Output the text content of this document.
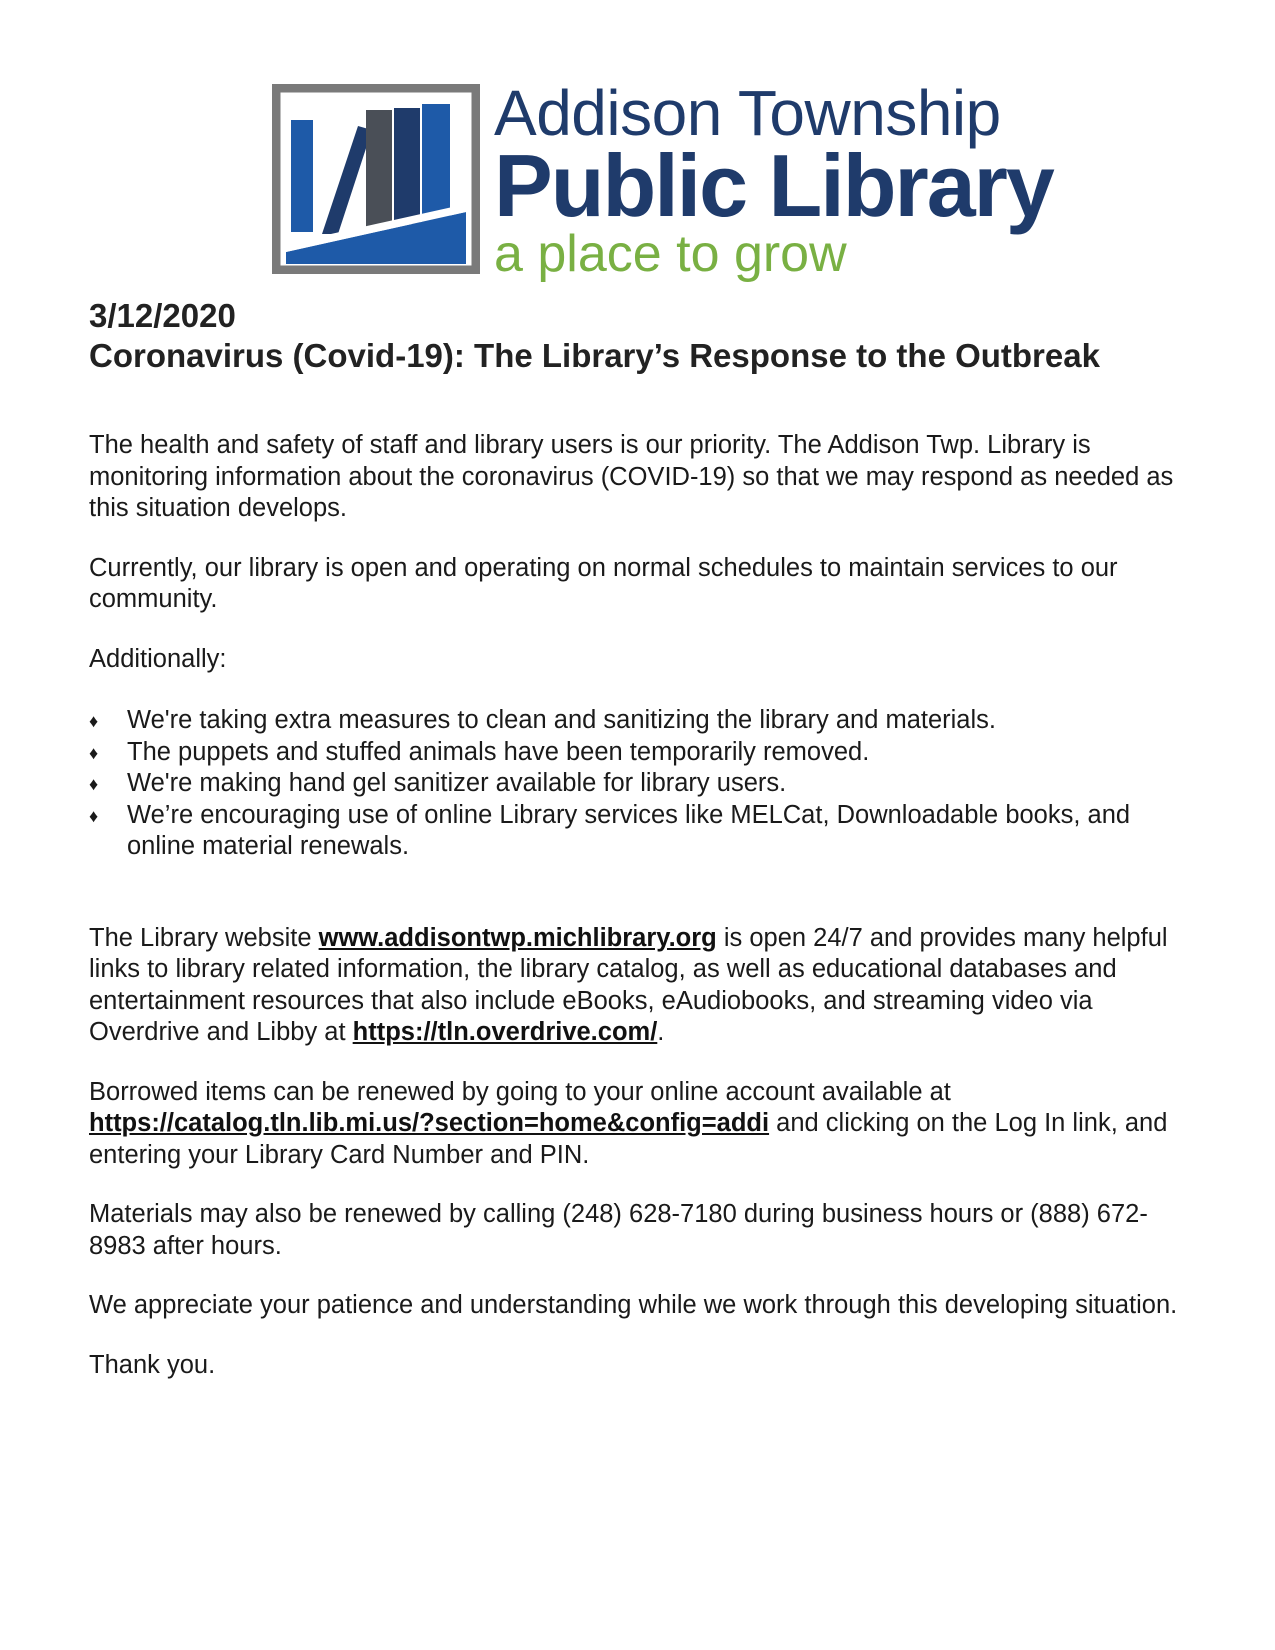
Addison Township
Public Library
a place to grow
3/12/2020
Coronavirus (Covid-19): The Library’s Response to the Outbreak

The health and safety of staff and library users is our priority. The Addison Twp. Library is monitoring information about the coronavirus (COVID-19) so that we may respond as needed as this situation develops.

Currently, our library is open and operating on normal schedules to maintain services to our community.

Additionally:

♦ We're taking extra measures to clean and sanitizing the library and materials.
♦ The puppets and stuffed animals have been temporarily removed.
♦ We're making hand gel sanitizer available for library users.
♦ We’re encouraging use of online Library services like MELCat, Downloadable books, and online material renewals.

The Library website www.addisontwp.michlibrary.org is open 24/7 and provides many helpful links to library related information, the library catalog, as well as educational databases and entertainment resources that also include eBooks, eAudiobooks, and streaming video via Overdrive and Libby at https://tln.overdrive.com/.

Borrowed items can be renewed by going to your online account available at https://catalog.tln.lib.mi.us/?section=home&config=addi and clicking on the Log In link, and entering your Library Card Number and PIN.

Materials may also be renewed by calling (248) 628-7180 during business hours or (888) 672-8983 after hours.

We appreciate your patience and understanding while we work through this developing situation.

Thank you.
